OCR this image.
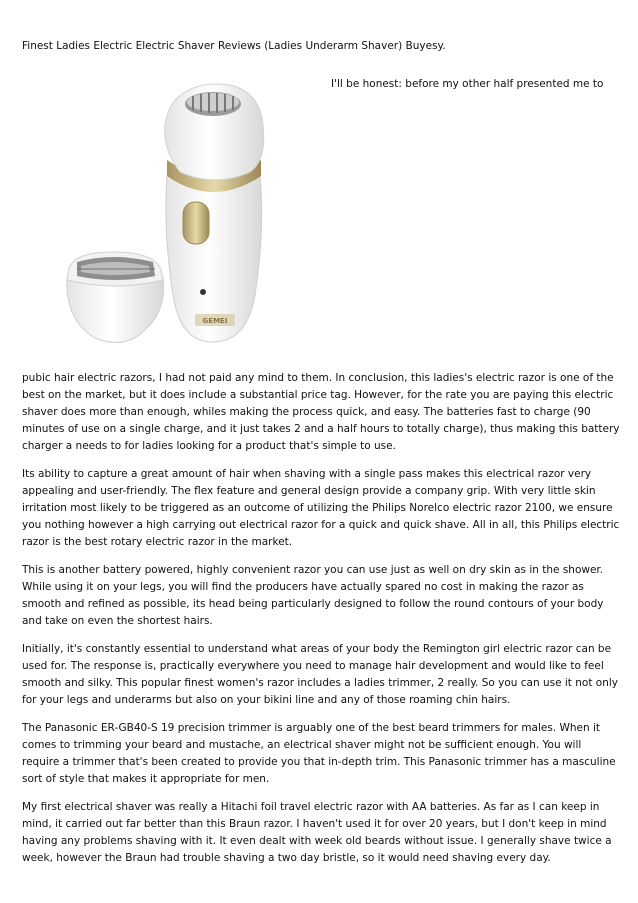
Finest Ladies Electric Electric Shaver Reviews (Ladies Underarm Shaver) Buyesy.
I'll be honest: before my other half presented me to
GEMEI

pubic hair electric razors, I had not paid any mind to them. In conclusion, this ladies's electric razor is one of the best on the market, but it does include a substantial price tag. However, for the rate you are paying this electric shaver does more than enough, whiles making the process quick, and easy. The batteries fast to charge (90 minutes of use on a single charge, and it just takes 2 and a half hours to totally charge), thus making this battery charger a needs to for ladies looking for a product that's simple to use.

Its ability to capture a great amount of hair when shaving with a single pass makes this electrical razor very appealing and user-friendly. The flex feature and general design provide a company grip. With very little skin irritation most likely to be triggered as an outcome of utilizing the Philips Norelco electric razor 2100, we ensure you nothing however a high carrying out electrical razor for a quick and quick shave. All in all, this Philips electric razor is the best rotary electric razor in the market.

This is another battery powered, highly convenient razor you can use just as well on dry skin as in the shower. While using it on your legs, you will find the producers have actually spared no cost in making the razor as smooth and refined as possible, its head being particularly designed to follow the round contours of your body and take on even the shortest hairs.

Initially, it's constantly essential to understand what areas of your body the Remington girl electric razor can be used for. The response is, practically everywhere you need to manage hair development and would like to feel smooth and silky. This popular finest women's razor includes a ladies trimmer, 2 really. So you can use it not only for your legs and underarms but also on your bikini line and any of those roaming chin hairs.

The Panasonic ER-GB40-S 19 precision trimmer is arguably one of the best beard trimmers for males. When it comes to trimming your beard and mustache, an electrical shaver might not be sufficient enough. You will require a trimmer that's been created to provide you that in-depth trim. This Panasonic trimmer has a masculine sort of style that makes it appropriate for men.

My first electrical shaver was really a Hitachi foil travel electric razor with AA batteries. As far as I can keep in mind, it carried out far better than this Braun razor. I haven't used it for over 20 years, but I don't keep in mind having any problems shaving with it. It even dealt with week old beards without issue. I generally shave twice a week, however the Braun had trouble shaving a two day bristle, so it would need shaving every day.
